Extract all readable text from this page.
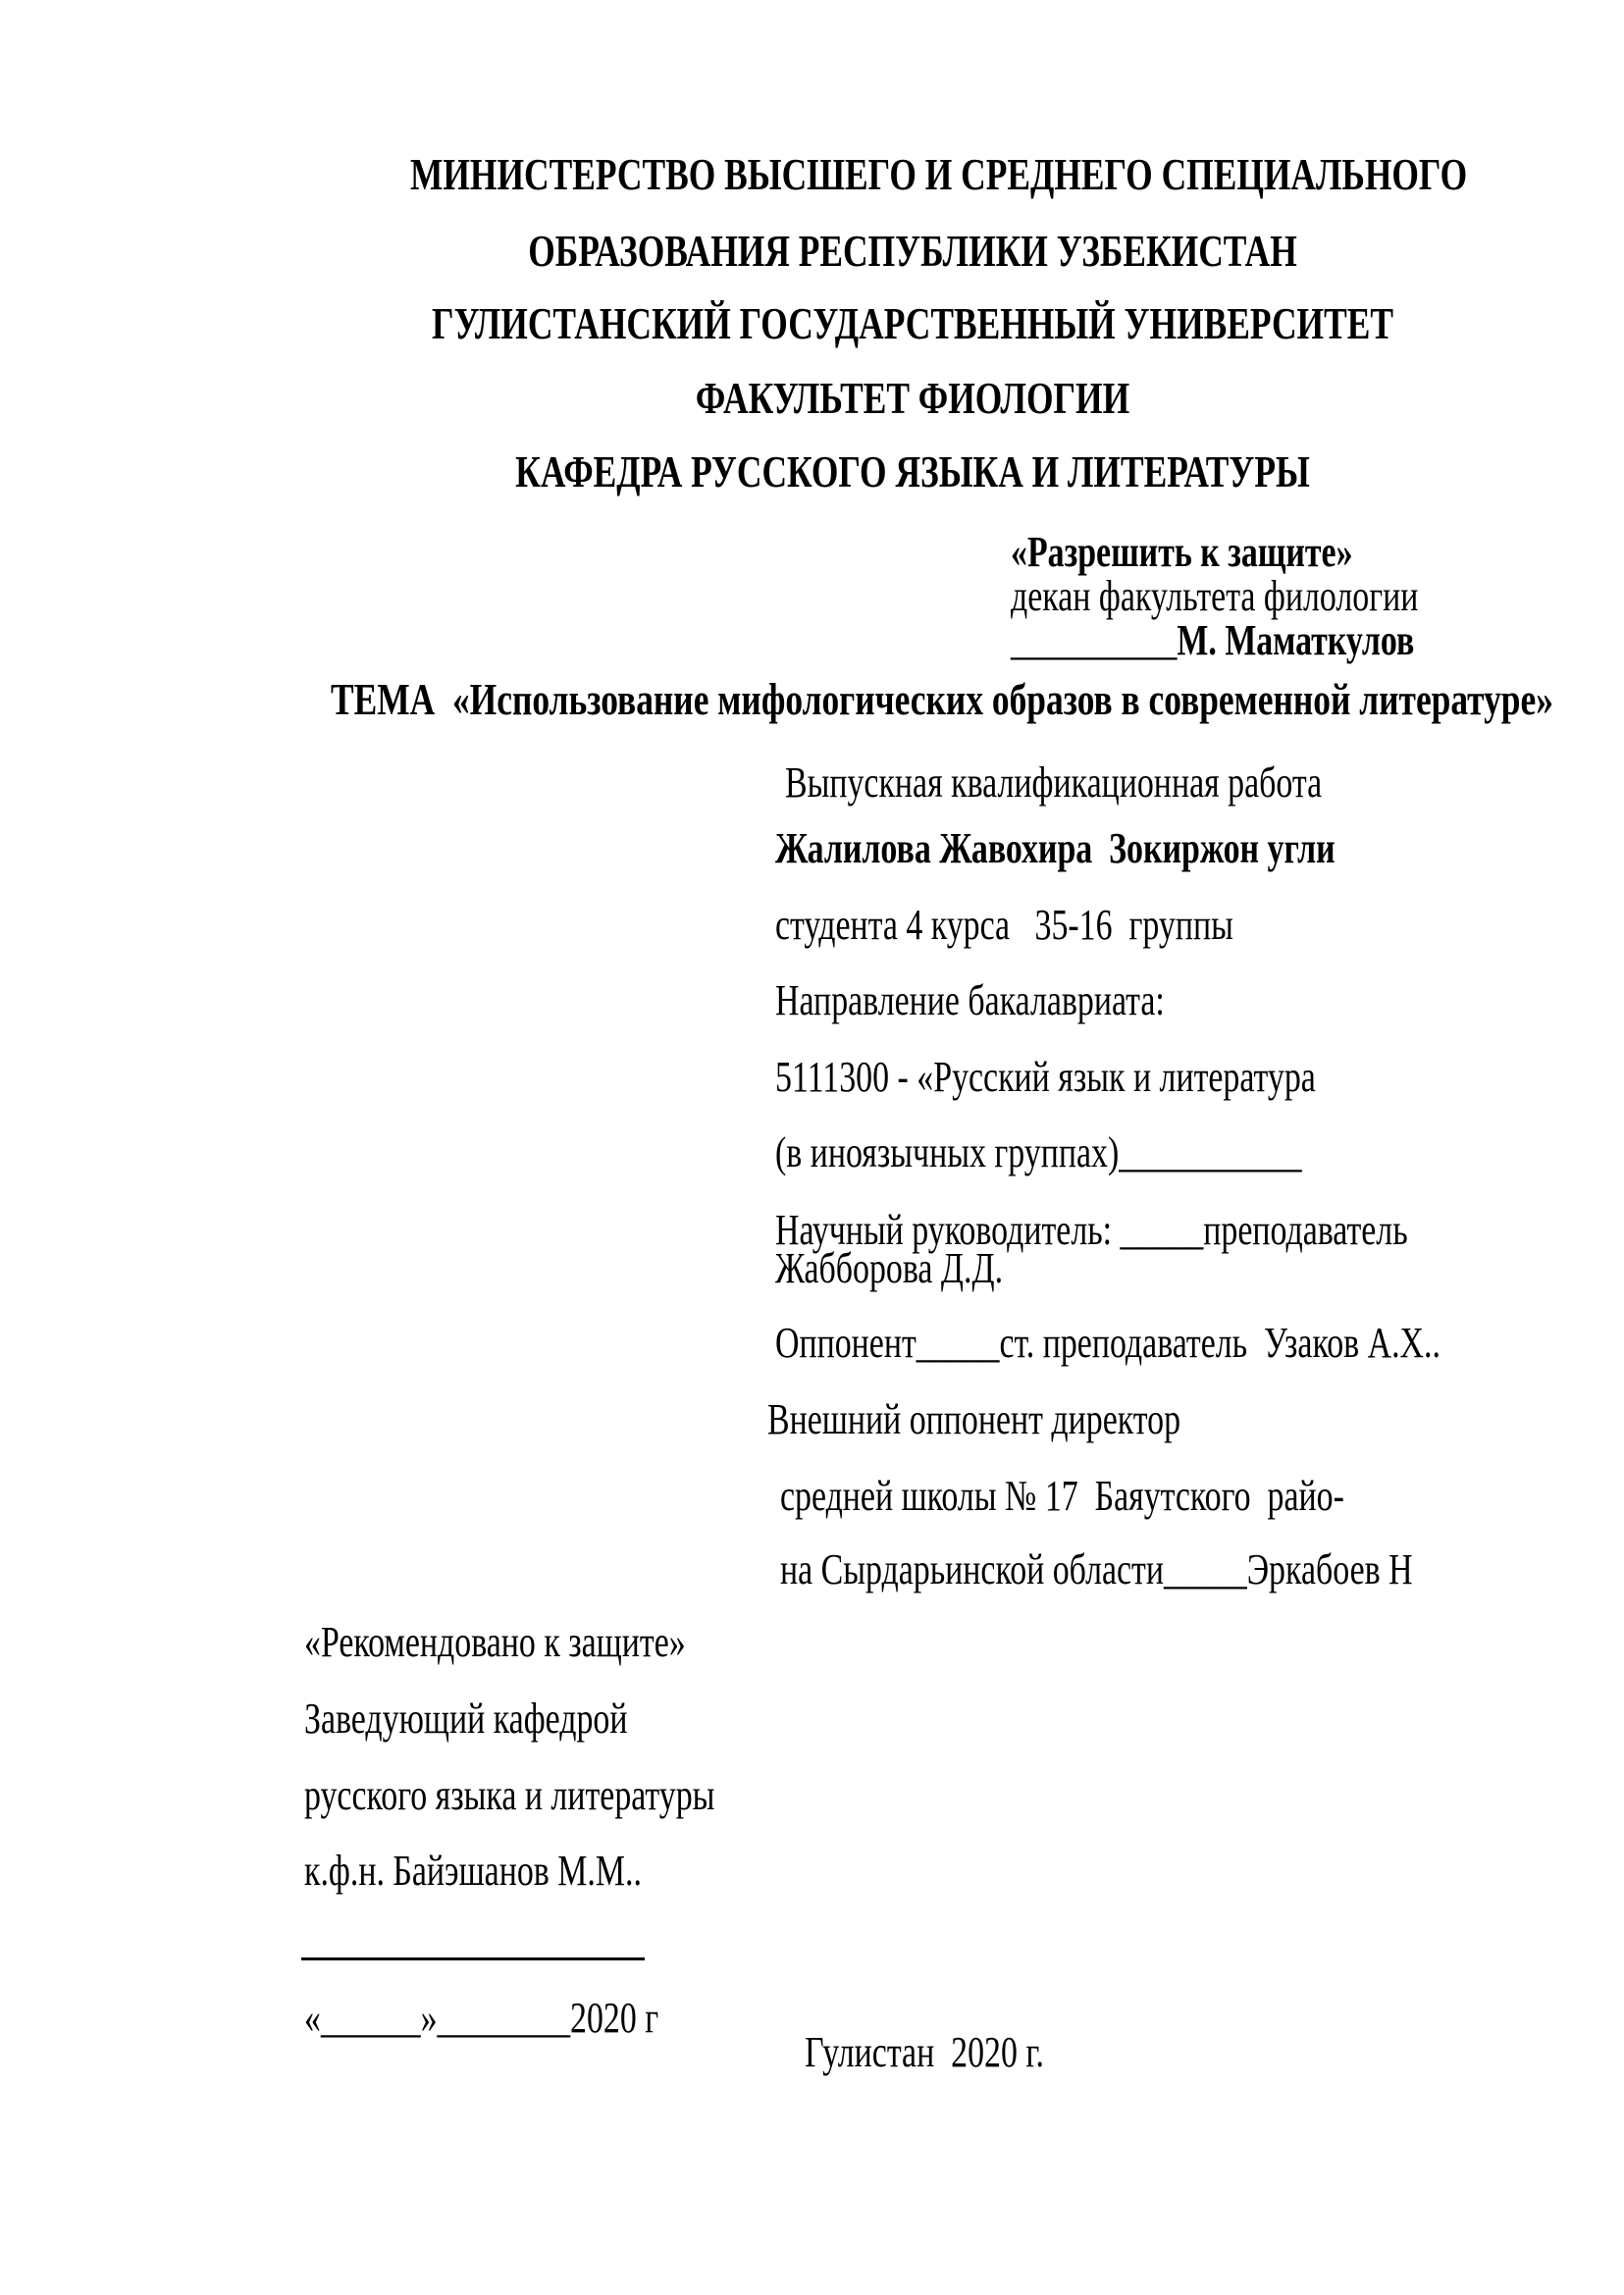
МИНИСТЕРСТВО ВЫСШЕГО И СРЕДНЕГО СПЕЦИАЛЬНОГО
ОБРАЗОВАНИЯ РЕСПУБЛИКИ УЗБЕКИСТАН
ГУЛИСТАНСКИЙ ГОСУДАРСТВЕННЫЙ УНИВЕРСИТЕТ
ФАКУЛЬТЕТ ФИОЛОГИИ
КАФЕДРА РУССКОГО ЯЗЫКА И ЛИТЕРАТУРЫ
«Разрешить к защите»
декан факультета филологии
__________М. Маматкулов
ТЕМА  «Использование мифологических образов в современной литературе»
Выпускная квалификационная работа
Жалилова Жавохира  Зокиржон угли
студента 4 курса   35-16  группы
Направление бакалавриата:
5111300 - «Русский язык и литература
(в иноязычных группах)___________
Научный руководитель: _____преподаватель
Жабборова Д.Д.
Оппонент_____ст. преподаватель  Узаков А.Х..
Внешний оппонент директор
средней школы № 17  Баяутского  райо-
на Сырдарьинской области_____Эркабоев Н
«Рекомендовано к защите»
Заведующий кафедрой
русского языка и литературы
к.ф.н. Байэшанов М.М..
«______»________2020 г
Гулистан  2020 г.
